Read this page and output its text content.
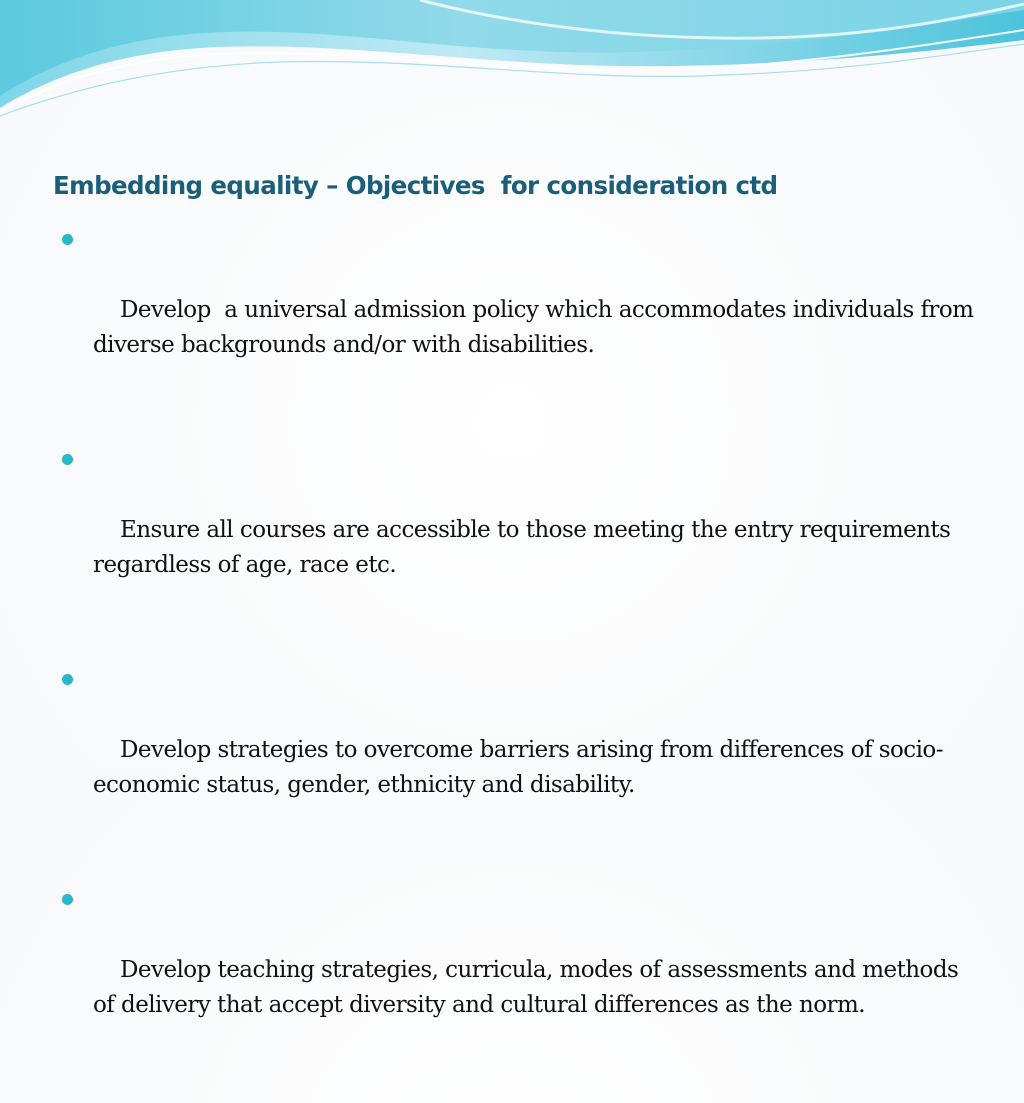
Embedding equality – Objectives  for consideration ctd

Develop  a universal admission policy which accommodates individuals from diverse backgrounds and/or with disabilities.

Ensure all courses are accessible to those meeting the entry requirements regardless of age, race etc.

Develop strategies to overcome barriers arising from differences of socio-economic status, gender, ethnicity and disability.

Develop teaching strategies, curricula, modes of assessments and methods of delivery that accept diversity and cultural differences as the norm.
